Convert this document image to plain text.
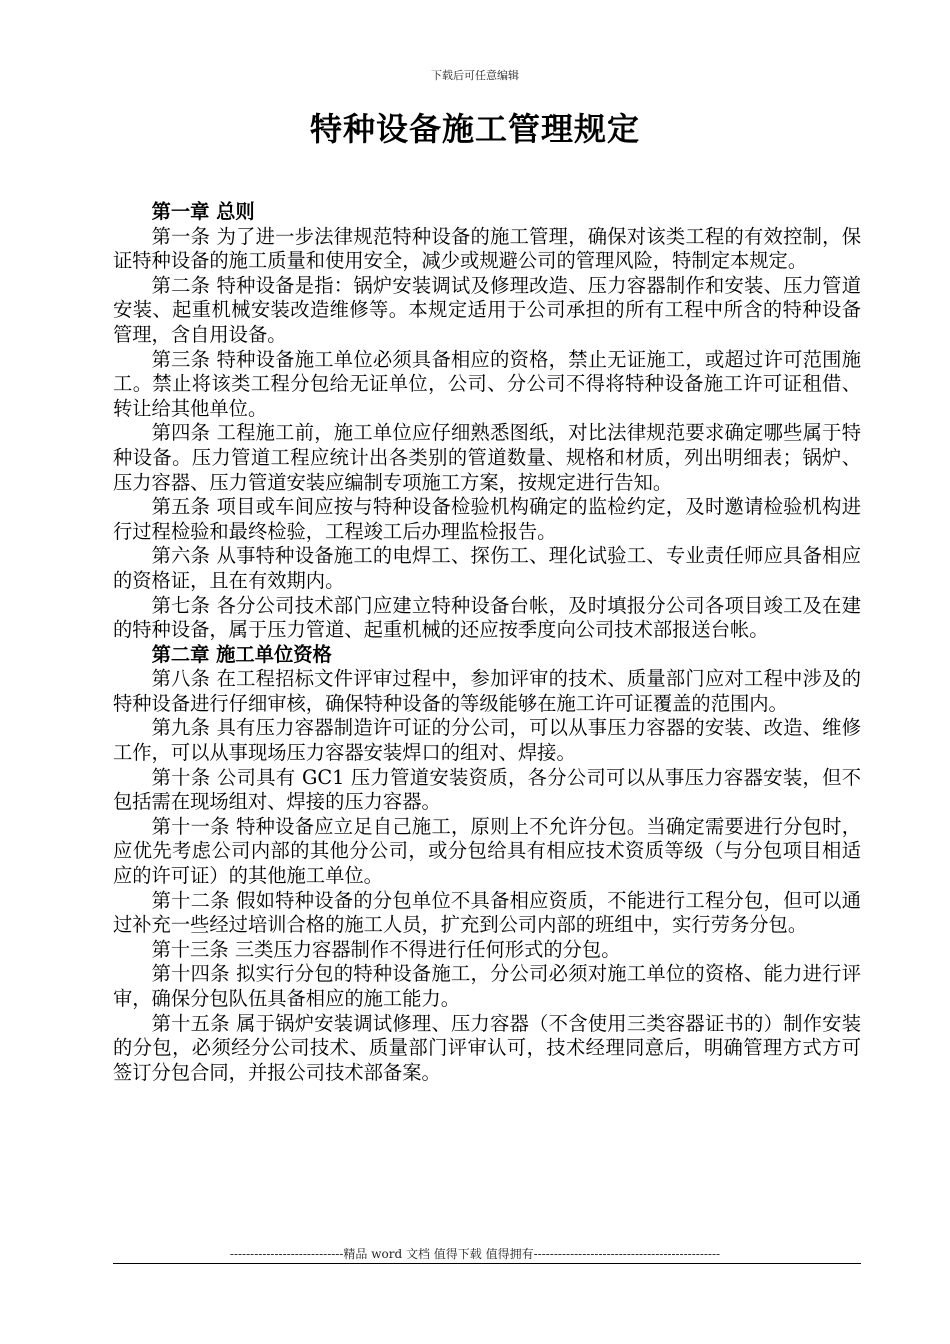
下载后可任意编辑
特种设备施工管理规定

第一章 总则

第一条 为了进一步法律规范特种设备的施工管理，确保对该类工程的有效控制，保证特种设备的施工质量和使用安全，减少或规避公司的管理风险，特制定本规定。

第二条 特种设备是指：锅炉安装调试及修理改造、压力容器制作和安装、压力管道安装、起重机械安装改造维修等。本规定适用于公司承担的所有工程中所含的特种设备管理，含自用设备。

第三条 特种设备施工单位必须具备相应的资格，禁止无证施工，或超过许可范围施工。禁止将该类工程分包给无证单位，公司、分公司不得将特种设备施工许可证租借、转让给其他单位。

第四条 工程施工前，施工单位应仔细熟悉图纸，对比法律规范要求确定哪些属于特种设备。压力管道工程应统计出各类别的管道数量、规格和材质，列出明细表；锅炉、压力容器、压力管道安装应编制专项施工方案，按规定进行告知。

第五条 项目或车间应按与特种设备检验机构确定的监检约定，及时邀请检验机构进行过程检验和最终检验，工程竣工后办理监检报告。

第六条 从事特种设备施工的电焊工、探伤工、理化试验工、专业责任师应具备相应的资格证，且在有效期内。

第七条 各分公司技术部门应建立特种设备台帐，及时填报分公司各项目竣工及在建的特种设备，属于压力管道、起重机械的还应按季度向公司技术部报送台帐。

第二章 施工单位资格

第八条 在工程招标文件评审过程中，参加评审的技术、质量部门应对工程中涉及的特种设备进行仔细审核，确保特种设备的等级能够在施工许可证覆盖的范围内。

第九条 具有压力容器制造许可证的分公司，可以从事压力容器的安装、改造、维修工作，可以从事现场压力容器安装焊口的组对、焊接。

第十条 公司具有 GC1 压力管道安装资质，各分公司可以从事压力容器安装，但不包括需在现场组对、焊接的压力容器。

第十一条 特种设备应立足自己施工，原则上不允许分包。当确定需要进行分包时，应优先考虑公司内部的其他分公司，或分包给具有相应技术资质等级（与分包项目相适应的许可证）的其他施工单位。

第十二条 假如特种设备的分包单位不具备相应资质，不能进行工程分包，但可以通过补充一些经过培训合格的施工人员，扩充到公司内部的班组中，实行劳务分包。

第十三条 三类压力容器制作不得进行任何形式的分包。

第十四条 拟实行分包的特种设备施工，分公司必须对施工单位的资格、能力进行评审，确保分包队伍具备相应的施工能力。

第十五条 属于锅炉安装调试修理、压力容器（不含使用三类容器证书的）制作安装的分包，必须经分公司技术、质量部门评审认可，技术经理同意后，明确管理方式方可签订分包合同，并报公司技术部备案。

----------------------------精品 word 文档 值得下载 值得拥有----------------------------------------------
